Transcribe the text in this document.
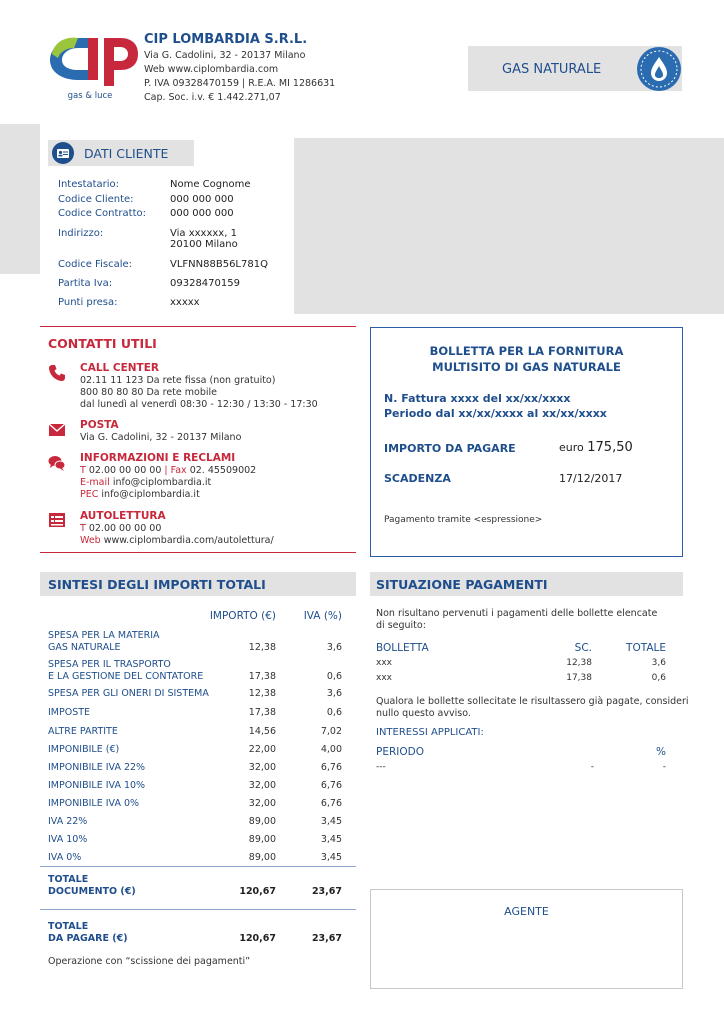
gas & luce
CIP LOMBARDIA S.R.L.
Via G. Cadolini, 32 - 20137 Milano
Web www.ciplombardia.com
P. IVA 09328470159 | R.E.A. MI 1286631
Cap. Soc. i.v. € 1.442.271,07
GAS NATURALE
DATI CLIENTE
Intestatario:	Nome Cognome
Codice Cliente:	000 000 000
Codice Contratto: 000 000 000
Indirizzo:	Via xxxxxx, 1
20100 Milano
Codice Fiscale:	VLFNN88B56L781Q
Partita Iva:	09328470159
Punti presa:	xxxxx
CONTATTI UTILI
CALL CENTER
02.11 11 123 Da rete fissa (non gratuito)
800 80 80 80 Da rete mobile
dal lunedì al venerdì 08:30 - 12:30 / 13:30 - 17:30
POSTA
Via G. Cadolini, 32 - 20137 Milano
INFORMAZIONI E RECLAMI
T 02.00 00 00 00 | Fax 02. 45509002
E-mail info@ciplombardia.it
PEC info@ciplombardia.it
AUTOLETTURA
T 02.00 00 00 00
Web www.ciplombardia.com/autolettura/
BOLLETTA PER LA FORNITURA
MULTISITO DI GAS NATURALE
N. Fattura xxxx del xx/xx/xxxx
Periodo dal xx/xx/xxxx al xx/xx/xxxx
IMPORTO DA PAGARE	euro 175,50
SCADENZA	17/12/2017
Pagamento tramite <espressione>
SINTESI DEGLI IMPORTI TOTALI
IMPORTO (€)	IVA (%)
SPESA PER LA MATERIA
GAS NATURALE	12,38	3,6
SPESA PER IL TRASPORTO
E LA GESTIONE DEL CONTATORE	17,38	0,6
SPESA PER GLI ONERI DI SISTEMA	12,38	3,6
IMPOSTE	17,38	0,6
ALTRE PARTITE	14,56	7,02
IMPONIBILE (€)	22,00	4,00
IMPONIBILE IVA 22%	32,00	6,76
IMPONIBILE IVA 10%	32,00	6,76
IMPONIBILE IVA 0%	32,00	6,76
IVA 22%	89,00	3,45
IVA 10%	89,00	3,45
IVA 0%	89,00	3,45
TOTALE
DOCUMENTO (€)	120,67	23,67
TOTALE
DA PAGARE (€)	120,67	23,67
Operazione con “scissione dei pagamenti”
SITUAZIONE PAGAMENTI
Non risultano pervenuti i pagamenti delle bollette elencate
di seguito:
BOLLETTA	SC.	TOTALE
xxx	12,38	3,6
xxx	17,38	0,6
Qualora le bollette sollecitate le risultassero già pagate, consideri
nullo questo avviso.
INTERESSI APPLICATI:
PERIODO	%
---	-	-
AGENTE
